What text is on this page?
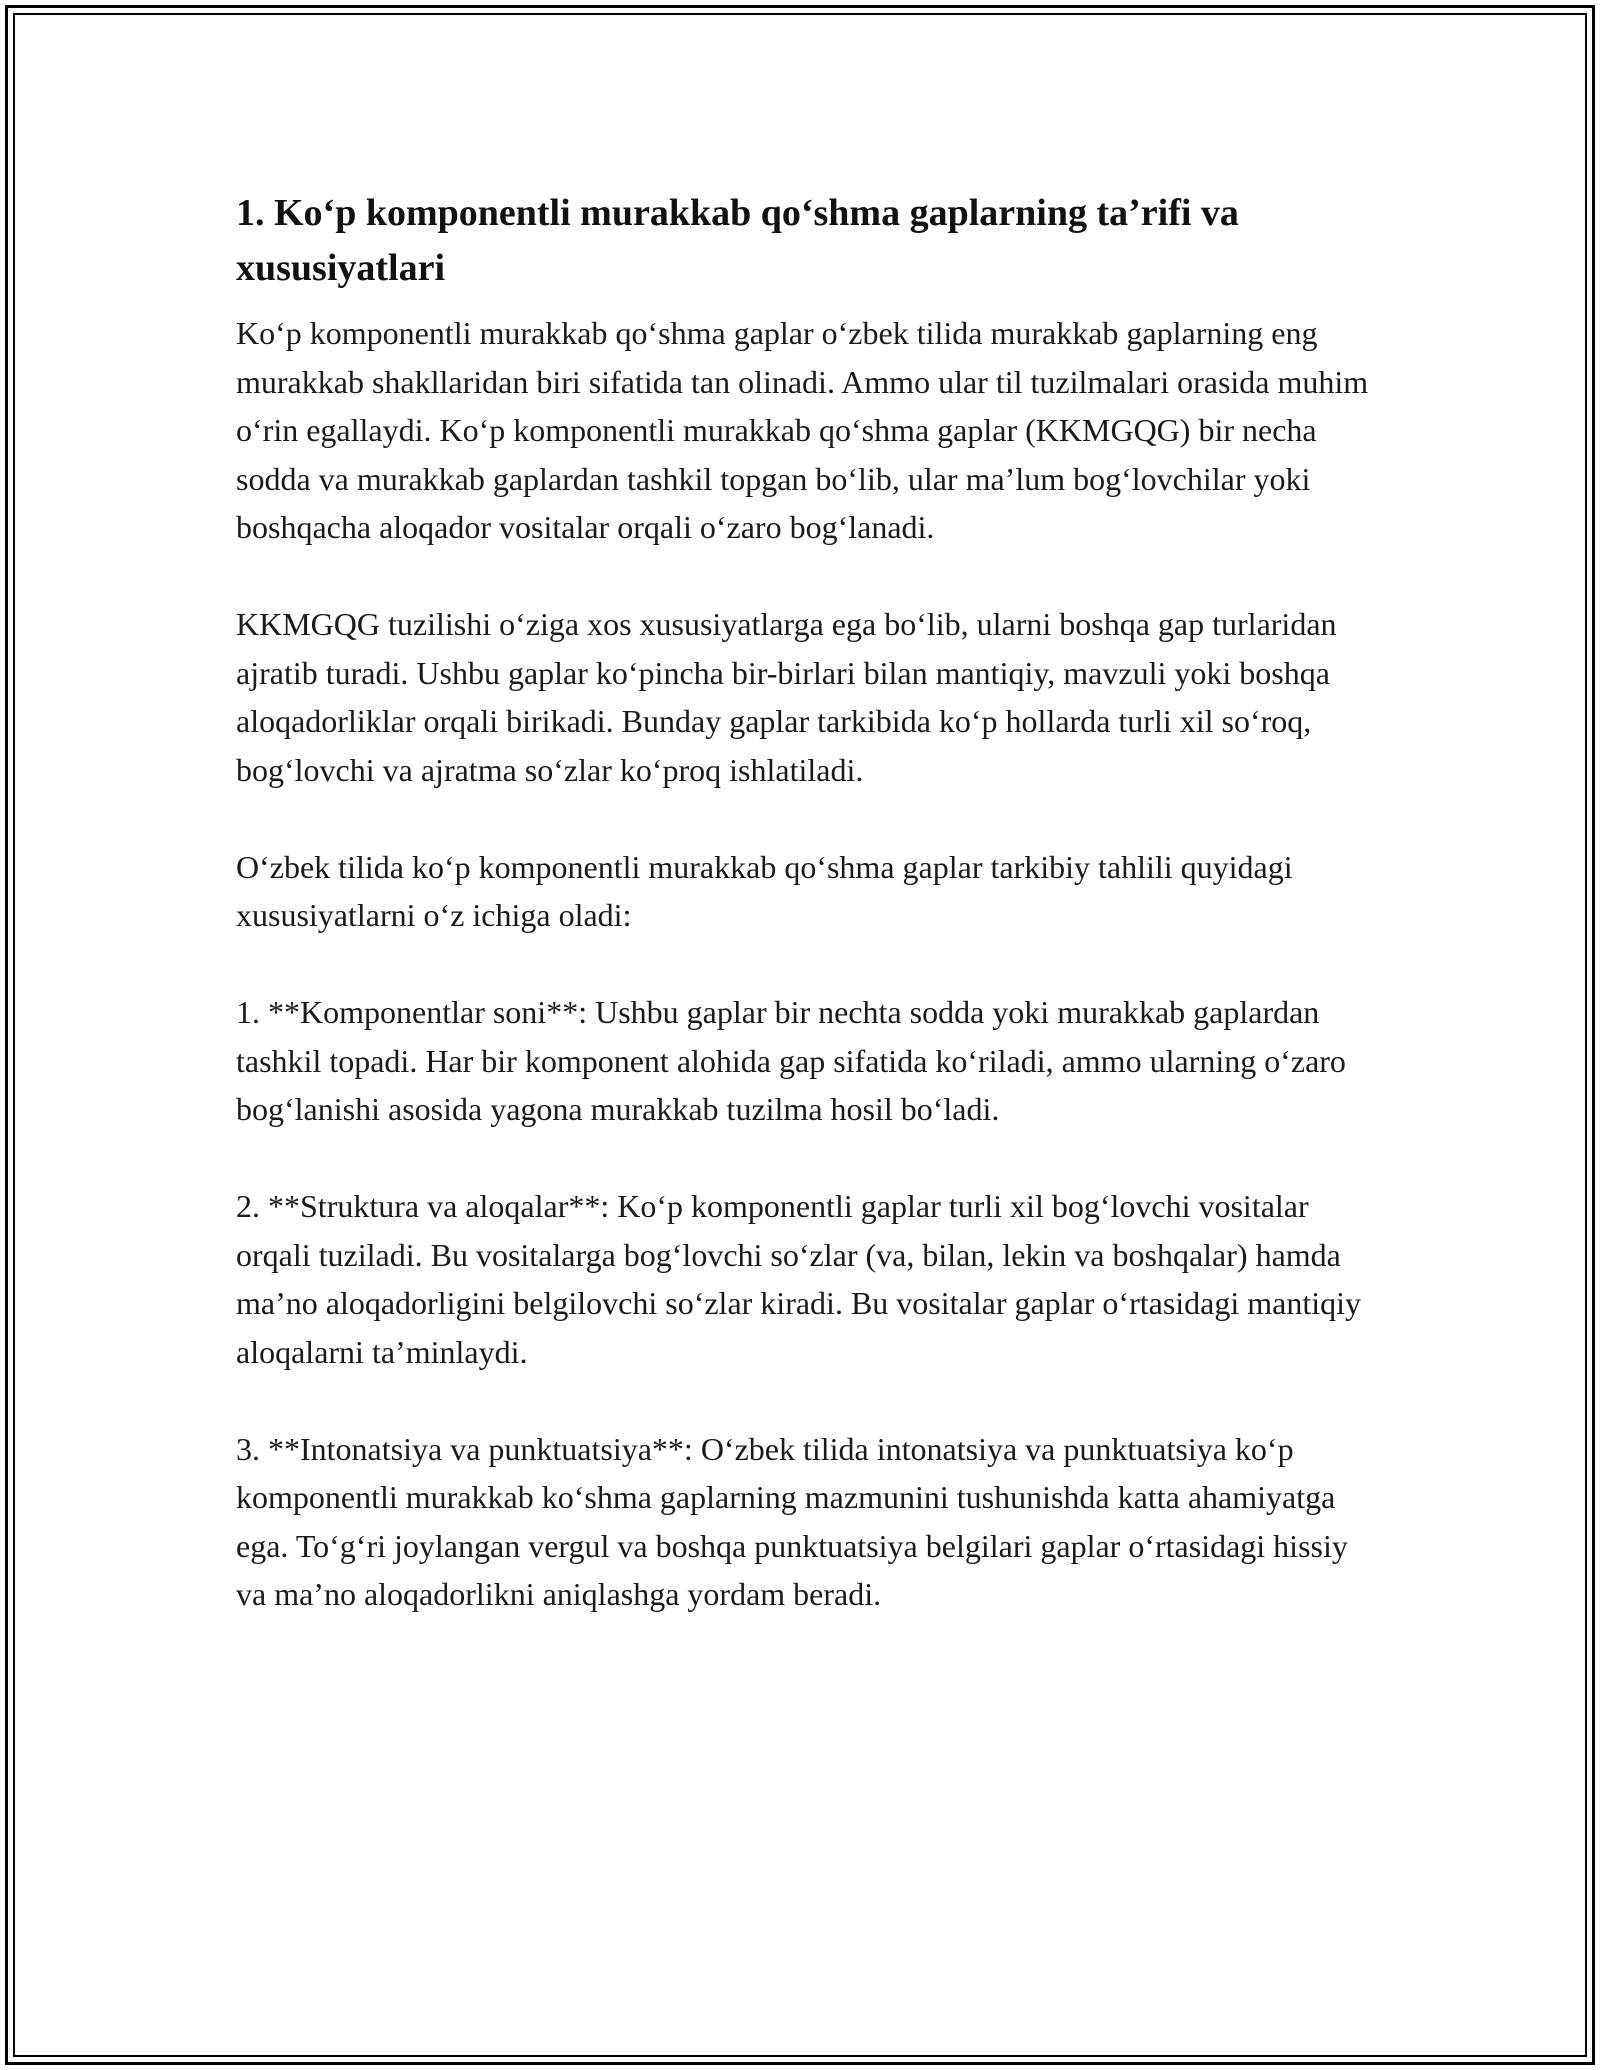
1. Koʻp komponentli murakkab qoʻshma gaplarning taʼrifi va xususiyatlari

Koʻp komponentli murakkab qoʻshma gaplar oʻzbek tilida murakkab gaplarning eng murakkab shakllaridan biri sifatida tan olinadi. Ammo ular til tuzilmalari orasida muhim oʻrin egallaydi. Koʻp komponentli murakkab qoʻshma gaplar (KKMGQG) bir necha sodda va murakkab gaplardan tashkil topgan boʻlib, ular maʼlum bogʻlovchilar yoki boshqacha aloqador vositalar orqali oʻzaro bogʻlanadi.

KKMGQG tuzilishi oʻziga xos xususiyatlarga ega boʻlib, ularni boshqa gap turlaridan ajratib turadi. Ushbu gaplar koʻpincha bir-birlari bilan mantiqiy, mavzuli yoki boshqa aloqadorliklar orqali birikadi. Bunday gaplar tarkibida koʻp hollarda turli xil soʻroq, bogʻlovchi va ajratma soʻzlar koʻproq ishlatiladi.

Oʻzbek tilida koʻp komponentli murakkab qoʻshma gaplar tarkibiy tahlili quyidagi xususiyatlarni oʻz ichiga oladi:

1. **Komponentlar soni**: Ushbu gaplar bir nechta sodda yoki murakkab gaplardan tashkil topadi. Har bir komponent alohida gap sifatida koʻriladi, ammo ularning oʻzaro bogʻlanishi asosida yagona murakkab tuzilma hosil boʻladi.

2. **Struktura va aloqalar**: Koʻp komponentli gaplar turli xil bogʻlovchi vositalar orqali tuziladi. Bu vositalarga bogʻlovchi soʻzlar (va, bilan, lekin va boshqalar) hamda maʼno aloqadorligini belgilovchi soʻzlar kiradi. Bu vositalar gaplar oʻrtasidagi mantiqiy aloqalarni taʼminlaydi.

3. **Intonatsiya va punktuatsiya**: Oʻzbek tilida intonatsiya va punktuatsiya koʻp komponentli murakkab koʻshma gaplarning mazmunini tushunishda katta ahamiyatga ega. Toʻgʻri joylangan vergul va boshqa punktuatsiya belgilari gaplar oʻrtasidagi hissiy va maʼno aloqadorlikni aniqlashga yordam beradi.
